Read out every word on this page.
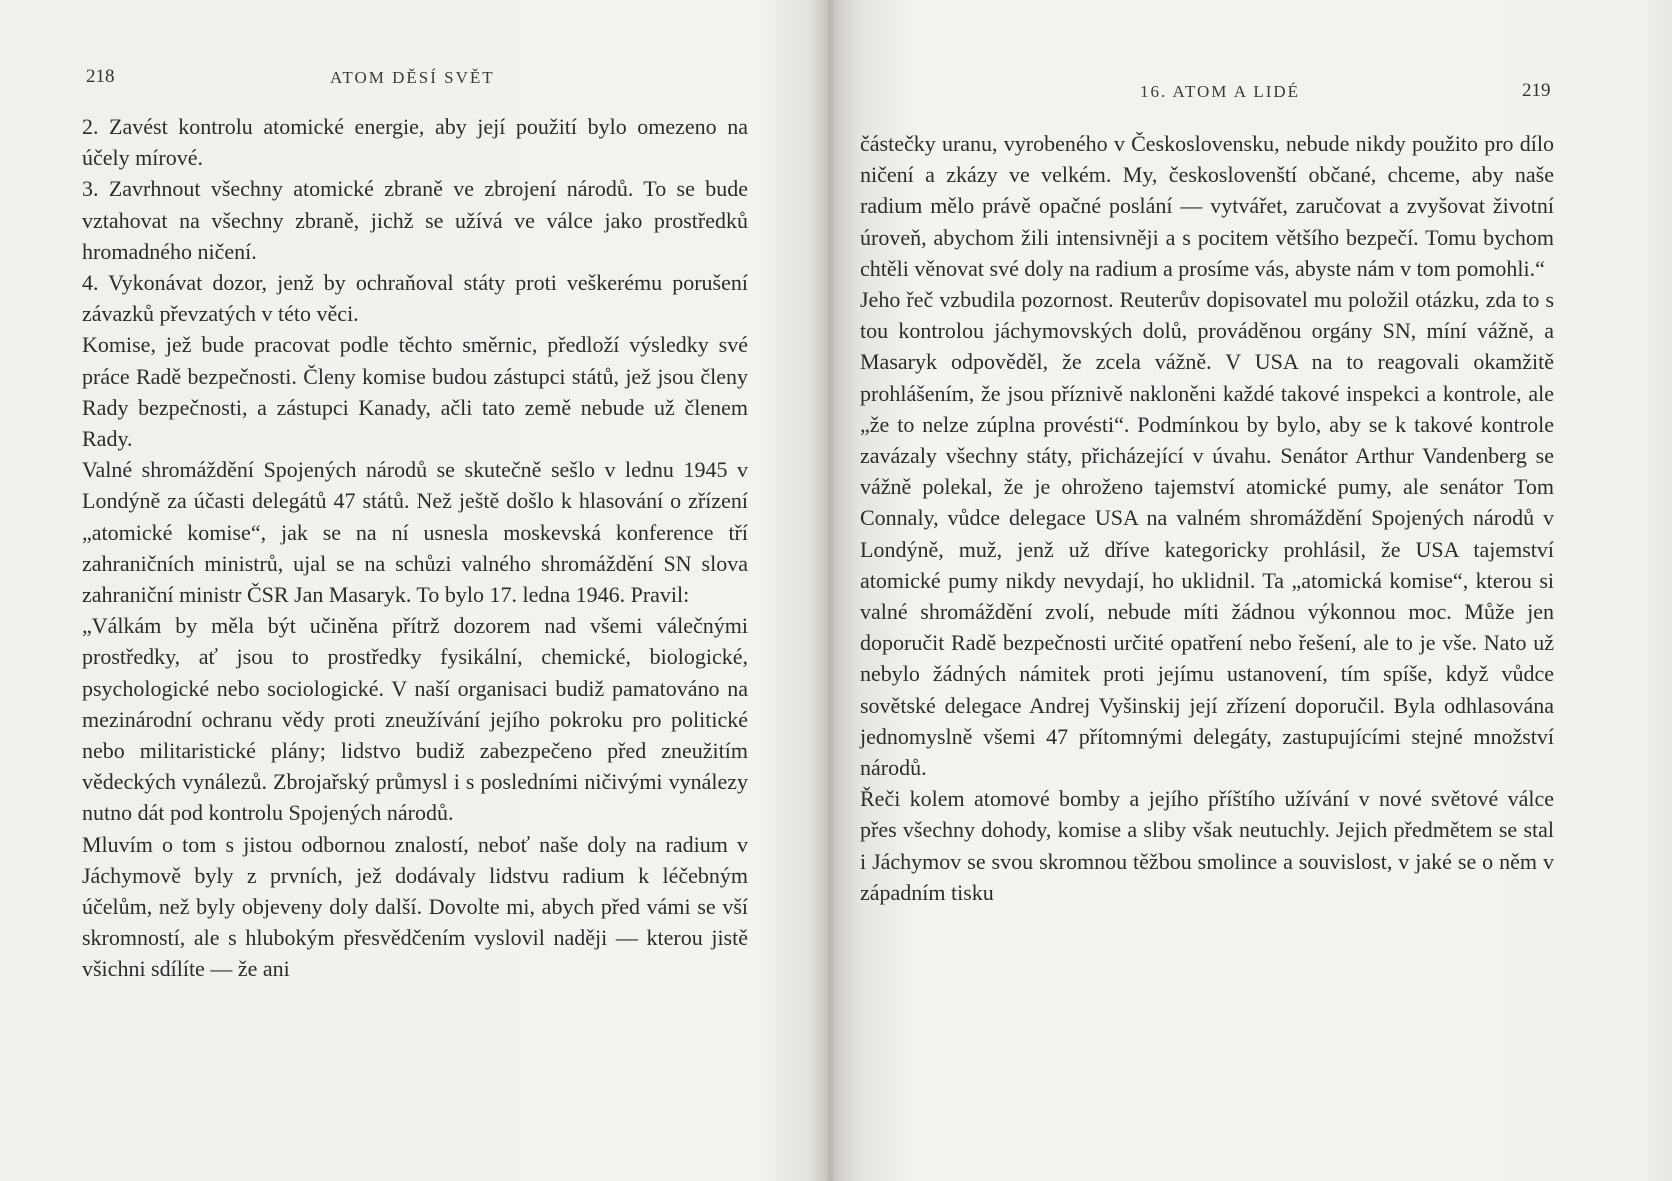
218	ATOM DĚSÍ SVĚT

2. Zavést kontrolu atomické energie, aby její použití bylo omezeno na účely mírové.

3. Zavrhnout všechny atomické zbraně ve zbrojení národů. To se bude vztahovat na všechny zbraně, jichž se užívá ve válce jako prostředků hromadného ničení.

4. Vykonávat dozor, jenž by ochraňoval státy proti veškerému porušení závazků převzatých v této věci.

Komise, jež bude pracovat podle těchto směrnic, předloží výsledky své práce Radě bezpečnosti. Členy komise budou zástupci států, jež jsou členy Rady bezpečnosti, a zástupci Kanady, ačli tato země nebude už členem Rady.

Valné shromáždění Spojených národů se skutečně sešlo v lednu 1945 v Londýně za účasti delegátů 47 států. Než ještě došlo k hlasování o zřízení „atomické komise“, jak se na ní usnesla moskevská konference tří zahraničních ministrů, ujal se na schůzi valného shromáždění SN slova zahraniční ministr ČSR Jan Masaryk. To bylo 17. ledna 1946. Pravil:

„Válkám by měla být učiněna přítrž dozorem nad všemi válečnými prostředky, ať jsou to prostředky fysikální, chemické, biologické, psychologické nebo sociologické. V naší organisaci budiž pamatováno na mezinárodní ochranu vědy proti zneužívání jejího pokroku pro politické nebo militaristické plány; lidstvo budiž zabezpečeno před zneužitím vědeckých vynálezů. Zbrojařský průmysl i s posledními ničivými vynálezy nutno dát pod kontrolu Spojených národů.

Mluvím o tom s jistou odbornou znalostí, neboť naše doly na radium v Jáchymově byly z prvních, jež dodávaly lidstvu radium k léčebným účelům, než byly objeveny doly další. Dovolte mi, abych před vámi se vší skromností, ale s hlubokým přesvědčením vyslovil naději — kterou jistě všichni sdílíte — že ani

16. ATOM A LIDÉ	219

částečky uranu, vyrobeného v Československu, nebude nikdy použito pro dílo ničení a zkázy ve velkém. My, českoslovenští občané, chceme, aby naše radium mělo právě opačné poslání — vytvářet, zaručovat a zvyšovat životní úroveň, abychom žili intensivněji a s pocitem většího bezpečí. Tomu bychom chtěli věnovat své doly na radium a prosíme vás, abyste nám v tom pomohli.“

Jeho řeč vzbudila pozornost. Reuterův dopisovatel mu položil otázku, zda to s tou kontrolou jáchymovských dolů, prováděnou orgány SN, míní vážně, a Masaryk odpověděl, že zcela vážně. V USA na to reagovali okamžitě prohlášením, že jsou příznivě nakloněni každé takové inspekci a kontrole, ale „že to nelze zúplna provésti“. Podmínkou by bylo, aby se k takové kontrole zavázaly všechny státy, přicházející v úvahu. Senátor Arthur Vandenberg se vážně polekal, že je ohroženo tajemství atomické pumy, ale senátor Tom Connaly, vůdce delegace USA na valném shromáždění Spojených národů v Londýně, muž, jenž už dříve kategoricky prohlásil, že USA tajemství atomické pumy nikdy nevydají, ho uklidnil. Ta „atomická komise“, kterou si valné shromáždění zvolí, nebude míti žádnou výkonnou moc. Může jen doporučit Radě bezpečnosti určité opatření nebo řešení, ale to je vše. Nato už nebylo žádných námitek proti jejímu ustanovení, tím spíše, když vůdce sovětské delegace Andrej Vyšinskij její zřízení doporučil. Byla odhlasována jednomyslně všemi 47 přítomnými delegáty, zastupujícími stejné množství národů.

Řeči kolem atomové bomby a jejího příštího užívání v nové světové válce přes všechny dohody, komise a sliby však neutuchly. Jejich předmětem se stal i Jáchymov se svou skromnou těžbou smolince a souvislost, v jaké se o něm v západním tisku
